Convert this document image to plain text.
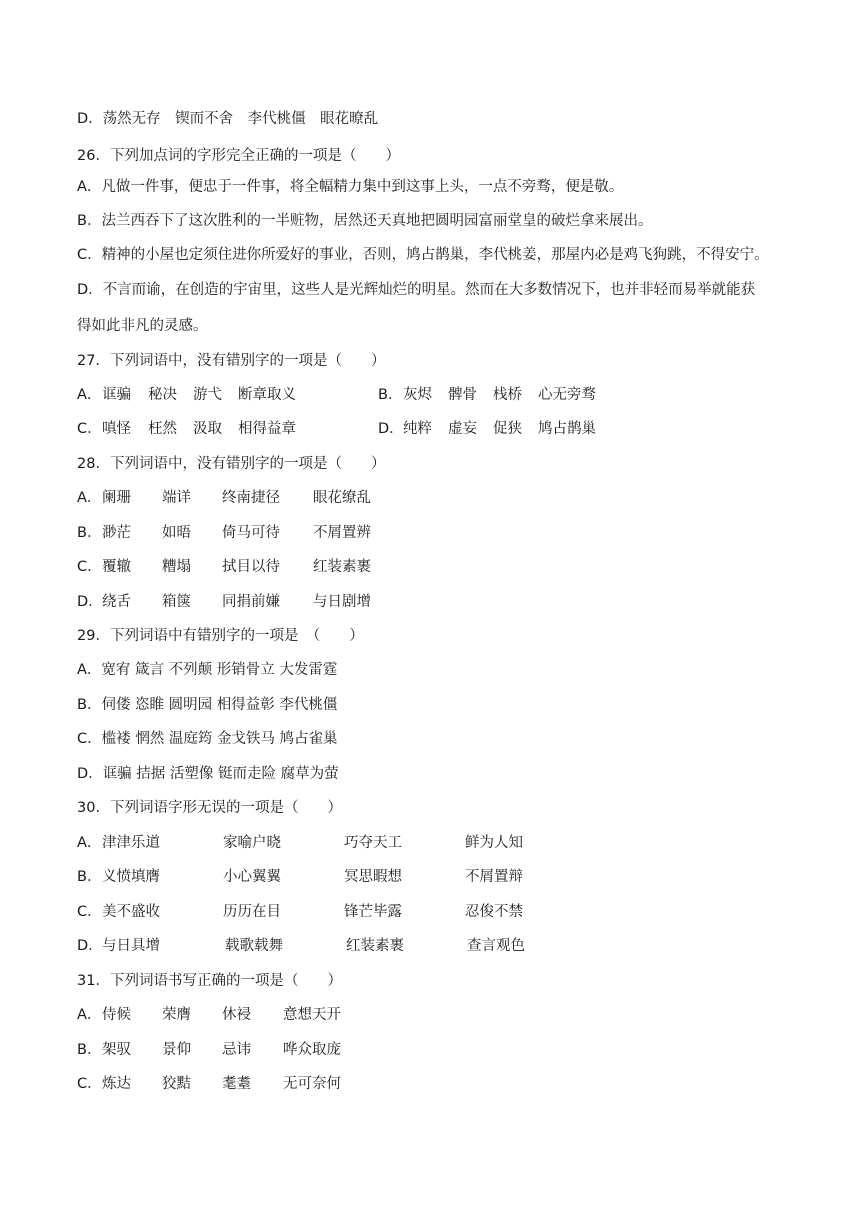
D．荡然无存　锲而不舍　李代桃僵　眼花暸乱
26．下列加点词的字形完全正确的一项是（　　）
A．凡做一件事，便忠于一件事，将全幅精力集中到这事上头，一点不旁骛，便是敬。
B．法兰西吞下了这次胜利的一半赃物，居然还天真地把圆明园富丽堂皇的破烂拿来展出。
C．精神的小屋也定须住进你所爱好的事业，否则，鸠占鹊巢，李代桃姜，那屋内必是鸡飞狗跳，不得安宁。
D．不言而谕，在创造的宇宙里，这些人是光辉灿烂的明星。然而在大多数情况下，也并非轻而易举就能获
得如此非凡的灵感。
27．下列词语中，没有错别字的一项是（　　）
A． 诓骗 秘决 游弋 断章取义	B． 灰烬 髀骨 栈桥 心无旁骛
C． 嗔怪 枉然 汲取 相得益章	D． 纯粹 虚妄 促狭 鸠占鹊巢
28．下列词语中，没有错别字的一项是（　　）
A． 阑珊 端详 终南捷径 眼花缭乱
B． 渺茫 如晤 倚马可待 不屑置辨
C． 覆辙 糟塌 拭目以待 红装素裹
D． 绕舌 箱箧 同捐前嫌 与日剧增
29．下列词语中有错别字的一项是　（　　）
A．宽宥 箴言 不列颠 形销骨立 大发雷霆
B．伺偻 恣睢 圆明园 相得益彰 李代桃僵
C．槛褛 惘然 温庭筠 金戈铁马 鸠占雀巢
D．诓骗 拮据 活塑像 铤而走险 腐草为萤
30．下列词语字形无误的一项是（　　）
A． 津津乐道	家喻户晓	巧夺天工	鲜为人知
B． 义愤填膺	小心翼翼	冥思暇想	不屑置辩
C． 美不盛收	历历在目	锋芒毕露	忍俊不禁
D． 与日具增	载歌载舞	红装素裹	查言观色
31．下列词语书写正确的一项是（　　）
A． 侍候 荣膺 休祲 意想天开
B． 架驭 景仰 忌讳 哗众取庞
C． 炼达 狡黠 耄耋 无可奈何
